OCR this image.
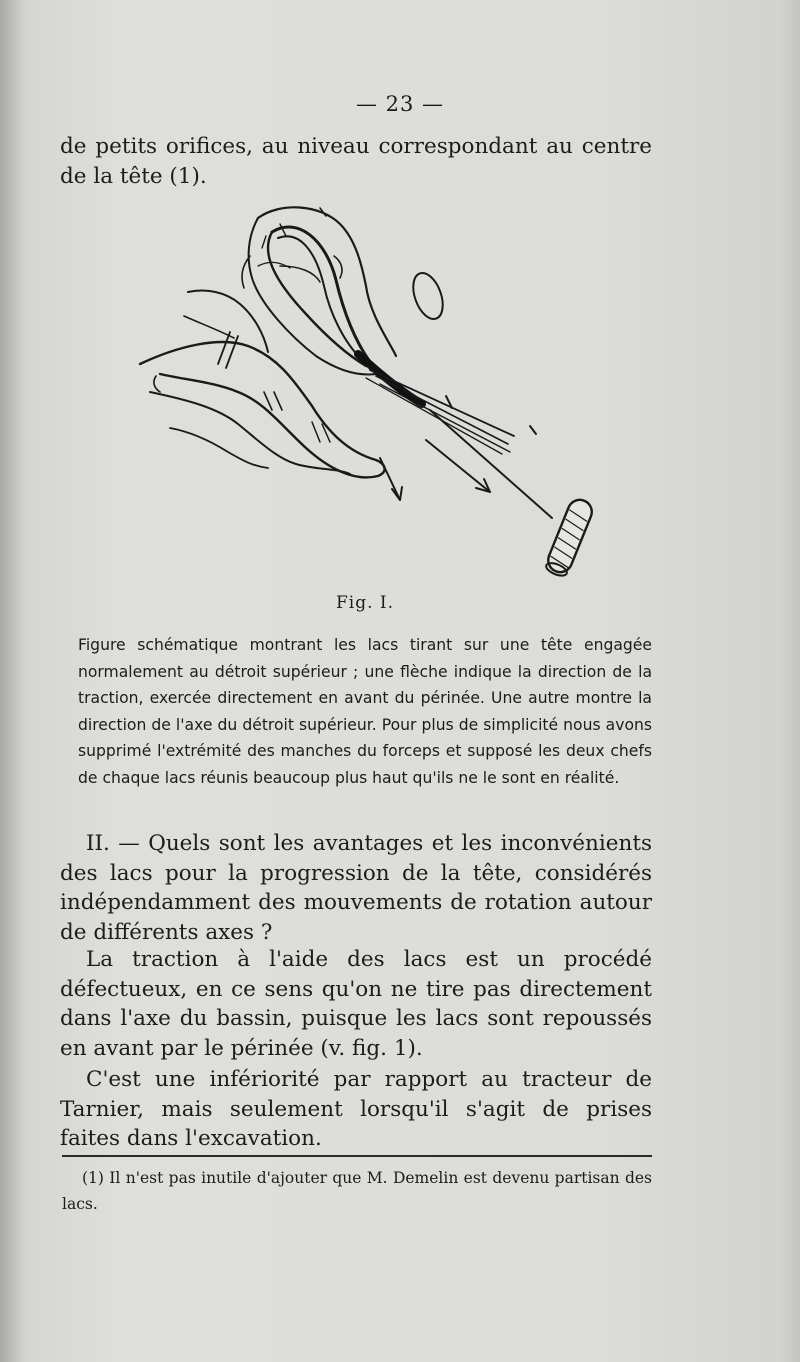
— 23 —
de petits orifices, au niveau correspondant au centre de la tête (1).
Fig. I.
Figure schématique montrant les lacs tirant sur une tête engagée normalement au détroit supérieur ; une flèche indique la direction de la traction, exercée directement en avant du périnée. Une autre montre la direction de l'axe du détroit supérieur. Pour plus de simplicité nous avons supprimé l'extrémité des manches du forceps et supposé les deux chefs de chaque lacs réunis beaucoup plus haut qu'ils ne le sont en réalité.
II. — Quels sont les avantages et les inconvénients des lacs pour la progression de la tête, considérés indépendamment des mouvements de rotation autour de différents axes ?
La traction à l'aide des lacs est un procédé défectueux, en ce sens qu'on ne tire pas directement dans l'axe du bassin, puisque les lacs sont repoussés en avant par le périnée (v. fig. 1).
C'est une infériorité par rapport au tracteur de Tarnier, mais seulement lorsqu'il s'agit de prises faites dans l'excavation.
(1) Il n'est pas inutile d'ajouter que M. Demelin est devenu partisan des lacs.
